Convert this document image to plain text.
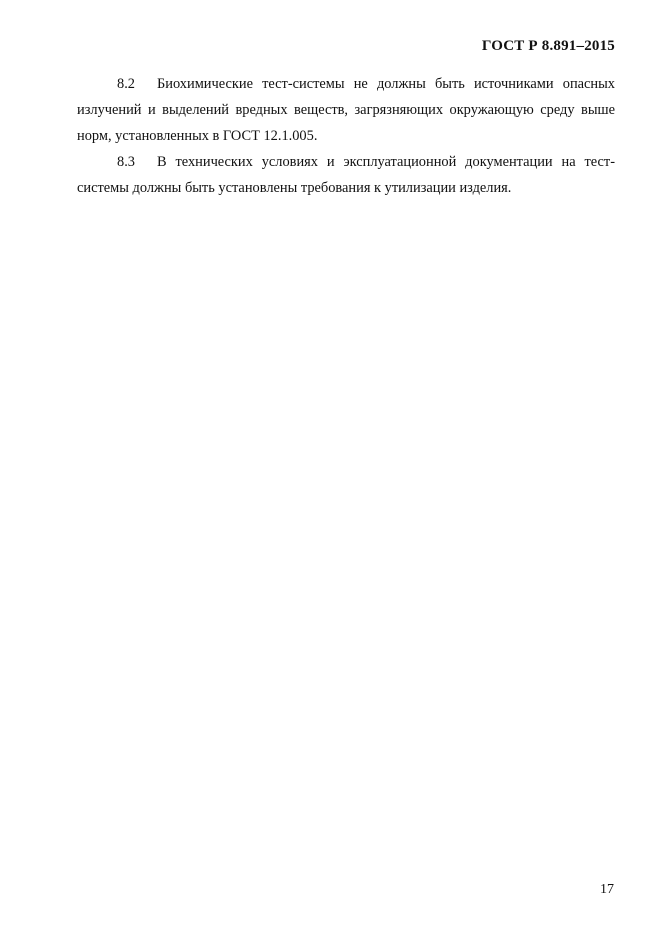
ГОСТ Р 8.891–2015

8.2 Биохимические тест-системы не должны быть источниками опасных излучений и выделений вредных веществ, загрязняющих окружающую среду выше норм, установленных в ГОСТ 12.1.005.

8.3 В технических условиях и эксплуатационной документации на тест-системы должны быть установлены требования к утилизации изделия.

17
